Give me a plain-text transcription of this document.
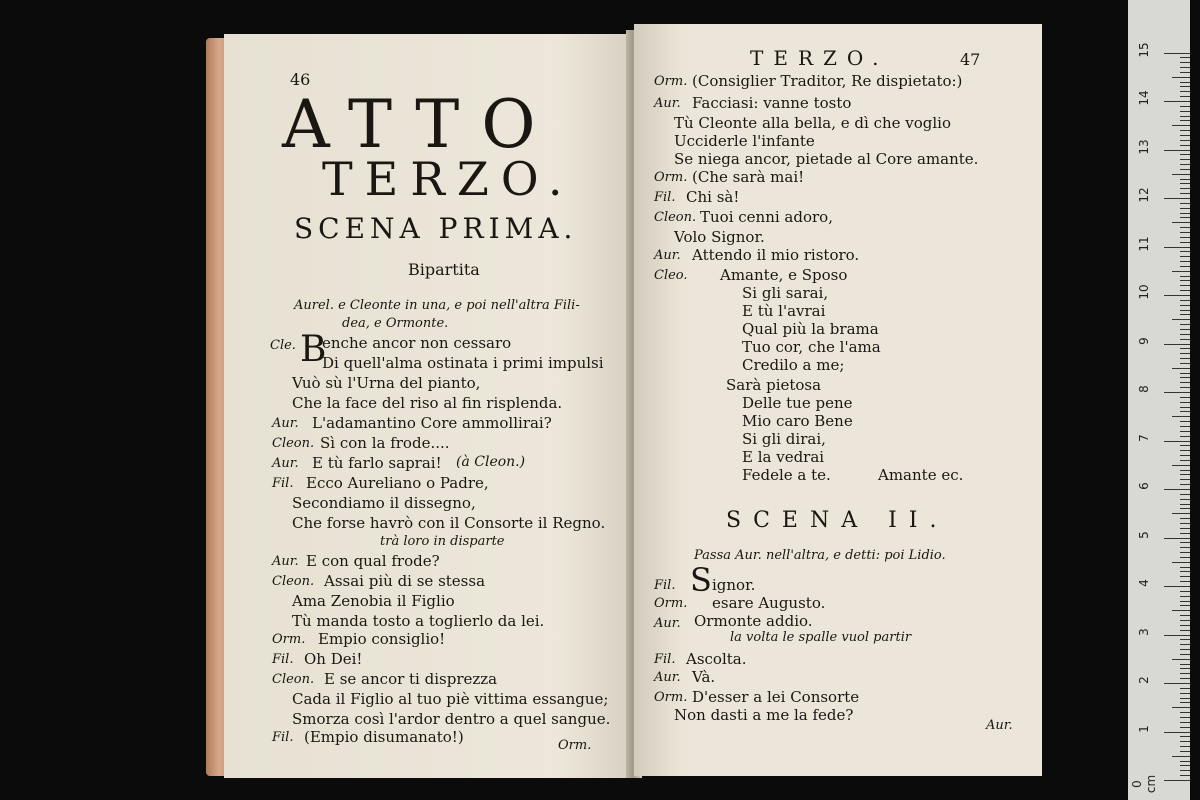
46
ATTO
TERZO.
SCENA PRIMA.
Bipartita
Aurel. e Cleonte in una, e poi nell'altra Fili-
dea, e Ormonte.
Cle. B
enche ancor non cessaro
Di quell'alma ostinata i primi impulsi
Vuò sù l'Urna del pianto,
Che la face del riso al fin risplenda.
Aur. L'adamantino Core ammollirai?
Cleon. Sì con la frode....
Aur. E tù farlo saprai! (à Cleon.)
Fil. Ecco Aureliano o Padre,
Secondiamo il dissegno,
Che forse havrò con il Consorte il Regno.
trà loro in disparte
Aur. E con qual frode?
Cleon. Assai più di se stessa
Ama Zenobia il Figlio
Tù manda tosto a toglierlo da lei.
Orm. Empio consiglio!
Fil. Oh Dei!
Cleon. E se ancor ti disprezza
Cada il Figlio al tuo piè vittima essangue;
Smorza così l'ardor dentro a quel sangue.
Fil. (Empio disumanato!)	Orm.
TERZO.	47
Orm. (Consiglier Traditor, Re dispietato:)
Aur. Facciasi: vanne tosto
Tù Cleonte alla bella, e dì che voglio
Ucciderle l'infante
Se niega ancor, pietade al Core amante.
Orm. (Che sarà mai!
Fil. Chi sà!
Cleon. Tuoi cenni adoro,
Volo Signor.
Aur. Attendo il mio ristoro.
Cleo. Amante, e Sposo
Si gli sarai,
E tù l'avrai
Qual più la brama
Tuo cor, che l'ama
Credilo a me;
Sarà pietosa
Delle tue pene
Mio caro Bene
Si gli dirai,
E la vedrai
Fedele a te.	Amante ec.
SCENA II.
Passa Aur. nell'altra, e detti: poi Lidio.
Fil. S ignor.
Orm. esare Augusto.
Aur. Ormonte addio.
la volta le spalle vuol partir
Fil. Ascolta.
Aur. Và.
Orm. D'esser a lei Consorte
Non dasti a me la fede?
Aur.
0 cm
1
2
3
4
5
6
7
8
9
10
11
12
13
14
15
